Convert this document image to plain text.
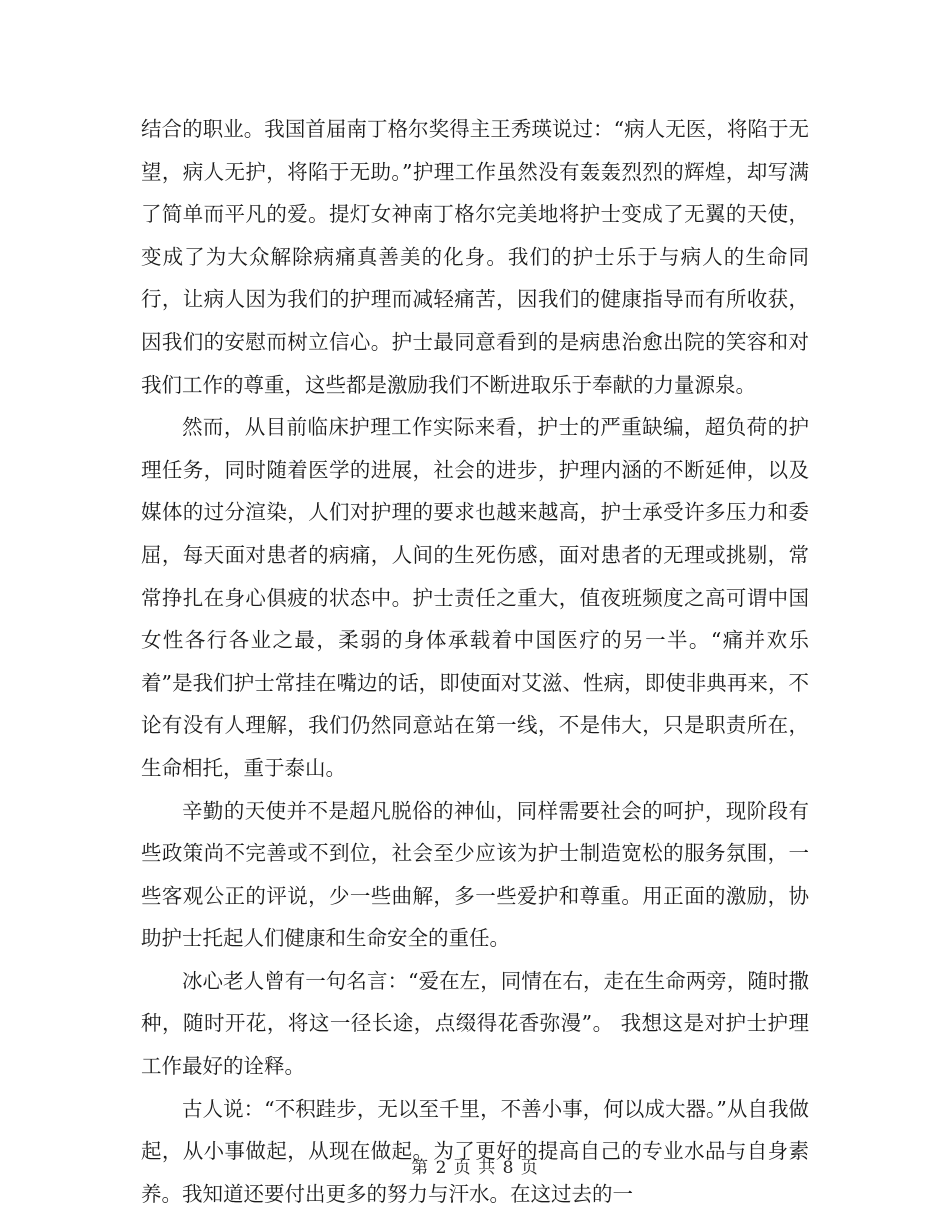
结合的职业。我国首届南丁格尔奖得主王秀瑛说过：“病人无医，将陷于无望，病人无护，将陷于无助。”护理工作虽然没有轰轰烈烈的辉煌，却写满了简单而平凡的爱。提灯女神南丁格尔完美地将护士变成了无翼的天使，变成了为大众解除病痛真善美的化身。我们的护士乐于与病人的生命同行，让病人因为我们的护理而减轻痛苦，因我们的健康指导而有所收获，因我们的安慰而树立信心。护士最同意看到的是病患治愈出院的笑容和对我们工作的尊重，这些都是激励我们不断进取乐于奉献的力量源泉。

然而，从目前临床护理工作实际来看，护士的严重缺编，超负荷的护理任务，同时随着医学的进展，社会的进步，护理内涵的不断延伸，以及媒体的过分渲染，人们对护理的要求也越来越高，护士承受许多压力和委屈，每天面对患者的病痛，人间的生死伤感，面对患者的无理或挑剔，常常挣扎在身心俱疲的状态中。护士责任之重大，值夜班频度之高可谓中国女性各行各业之最，柔弱的身体承载着中国医疗的另一半。“痛并欢乐着”是我们护士常挂在嘴边的话，即使面对艾滋、性病，即使非典再来，不论有没有人理解，我们仍然同意站在第一线，不是伟大，只是职责所在，生命相托，重于泰山。

辛勤的天使并不是超凡脱俗的神仙，同样需要社会的呵护，现阶段有些政策尚不完善或不到位，社会至少应该为护士制造宽松的服务氛围，一些客观公正的评说，少一些曲解，多一些爱护和尊重。用正面的激励，协助护士托起人们健康和生命安全的重任。

冰心老人曾有一句名言：“爱在左，同情在右，走在生命两旁，随时撒种，随时开花，将这一径长途，点缀得花香弥漫”。 我想这是对护士护理工作最好的诠释。

古人说：“不积跬步，无以至千里，不善小事，何以成大器。”从自我做起，从小事做起，从现在做起。为了更好的提高自己的专业水品与自身素养。我知道还要付出更多的努力与汗水。在这过去的一

第 2 页 共 8 页
